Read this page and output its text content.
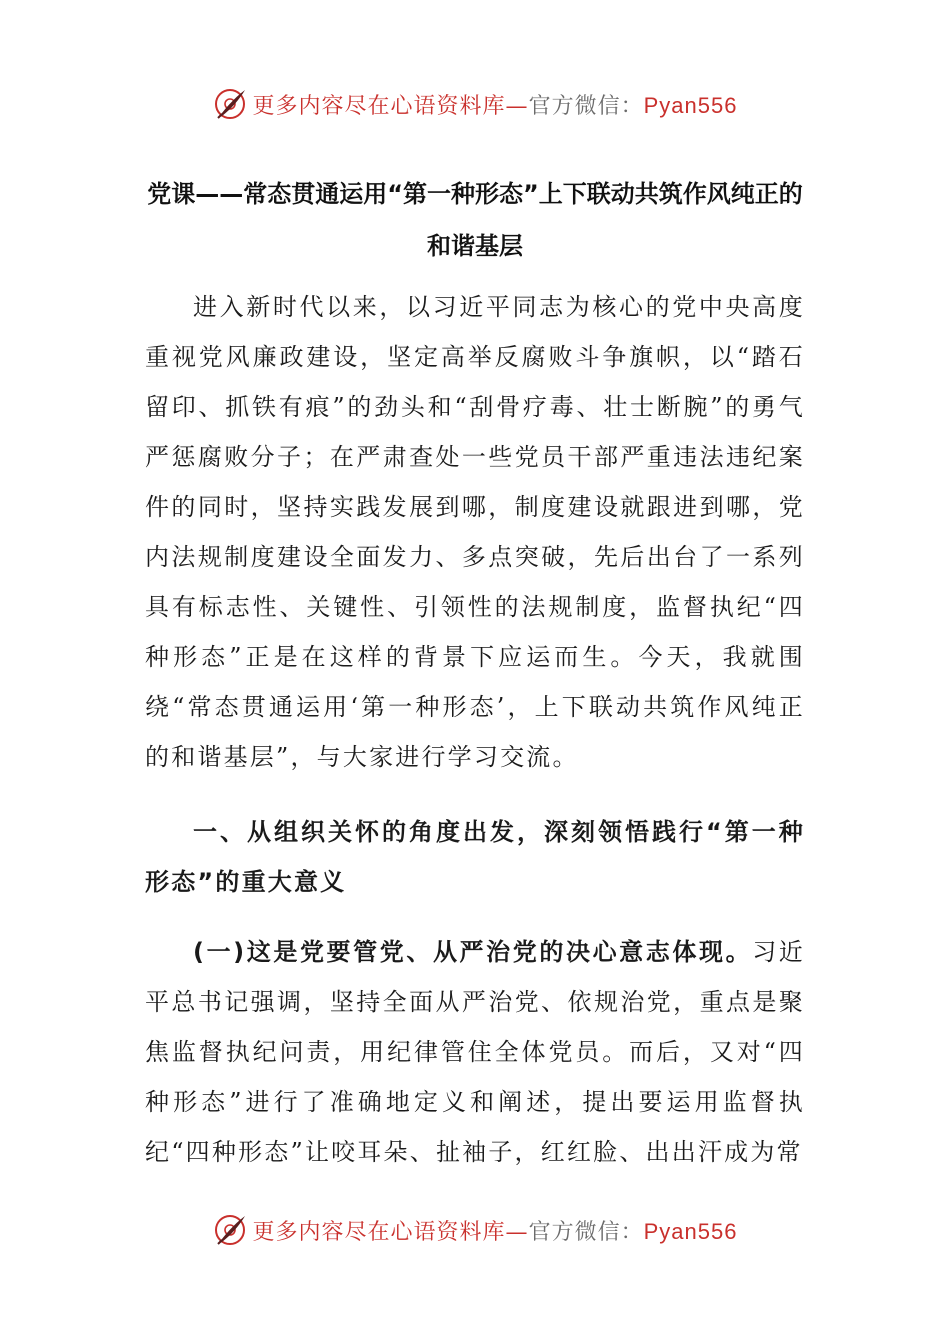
更多内容尽在心语资料库—官方微信：Pyan556
党课——常态贯通运用“第一种形态”上下联动共筑作风纯正的和谐基层

进入新时代以来，以习近平同志为核心的党中央高度重视党风廉政建设，坚定高举反腐败斗争旗帜，以“踏石留印、抓铁有痕”的劲头和“刮骨疗毒、壮士断腕”的勇气严惩腐败分子；在严肃查处一些党员干部严重违法违纪案件的同时，坚持实践发展到哪，制度建设就跟进到哪，党内法规制度建设全面发力、多点突破，先后出台了一系列具有标志性、关键性、引领性的法规制度，监督执纪“四种形态”正是在这样的背景下应运而生。今天，我就围绕“常态贯通运用‘第一种形态’，上下联动共筑作风纯正的和谐基层”，与大家进行学习交流。

一、从组织关怀的角度出发，深刻领悟践行“第一种形态”的重大意义

(一)这是党要管党、从严治党的决心意志体现。习近平总书记强调，坚持全面从严治党、依规治党，重点是聚焦监督执纪问责，用纪律管住全体党员。而后，又对“四种形态”进行了准确地定义和阐述，提出要运用监督执纪“四种形态”让咬耳朵、扯袖子，红红脸、出出汗成为常

更多内容尽在心语资料库—官方微信：Pyan556
